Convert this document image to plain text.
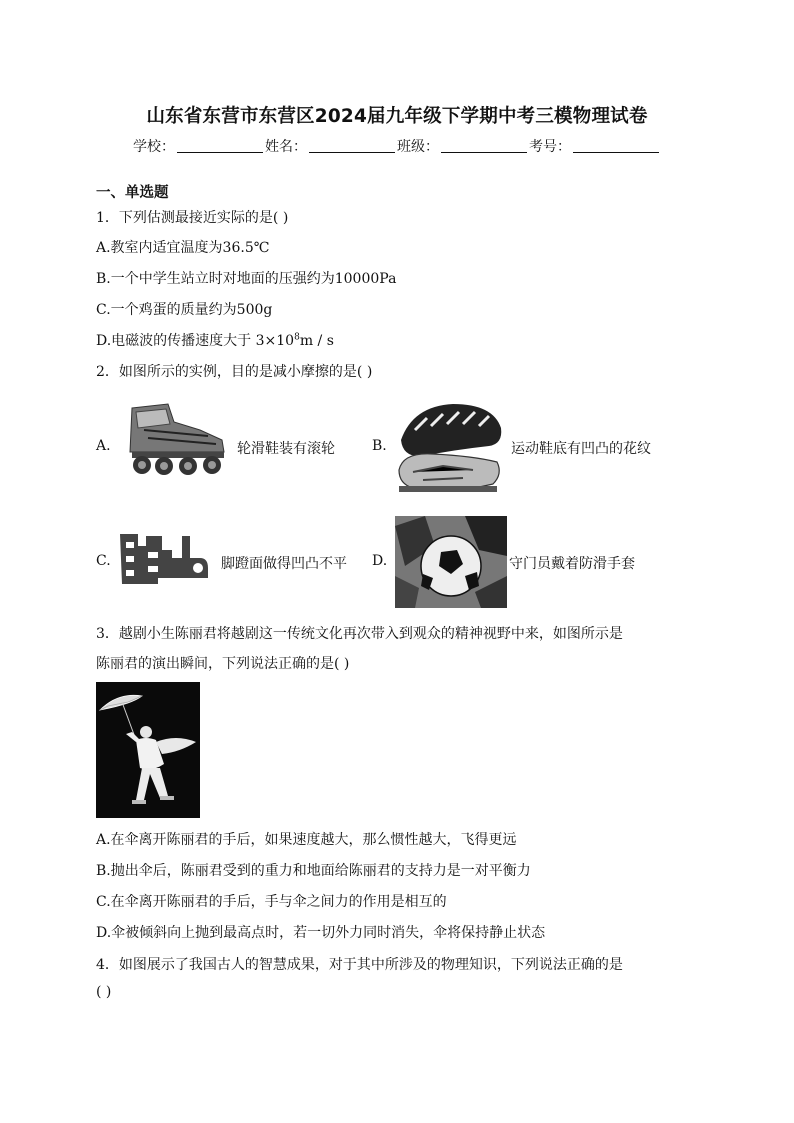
山东省东营市东营区2024届九年级下学期中考三模物理试卷
学校：	姓名：	班级：	考号：
一、单选题
1．下列估测最接近实际的是( )
A.教室内适宜温度为36.5℃
B.一个中学生站立时对地面的压强约为10000Pa
C.一个鸡蛋的质量约为500g
D.电磁波的传播速度大于 $3\times 10^8m / s$
2．如图所示的实例，目的是减小摩擦的是( )
A.	轮滑鞋装有滚轮	B.	运动鞋底有凹凸的花纹
C.	脚蹬面做得凹凸不平 D.	守门员戴着防滑手套
3．越剧小生陈丽君将越剧这一传统文化再次带入到观众的精神视野中来，如图所示是
陈丽君的演出瞬间，下列说法正确的是( )
A.在伞离开陈丽君的手后，如果速度越大，那么惯性越大，飞得更远
B.抛出伞后，陈丽君受到的重力和地面给陈丽君的支持力是一对平衡力
C.在伞离开陈丽君的手后，手与伞之间力的作用是相互的
D.伞被倾斜向上抛到最高点时，若一切外力同时消失，伞将保持静止状态
4．如图展示了我国古人的智慧成果，对于其中所涉及的物理知识，下列说法正确的是
( )
